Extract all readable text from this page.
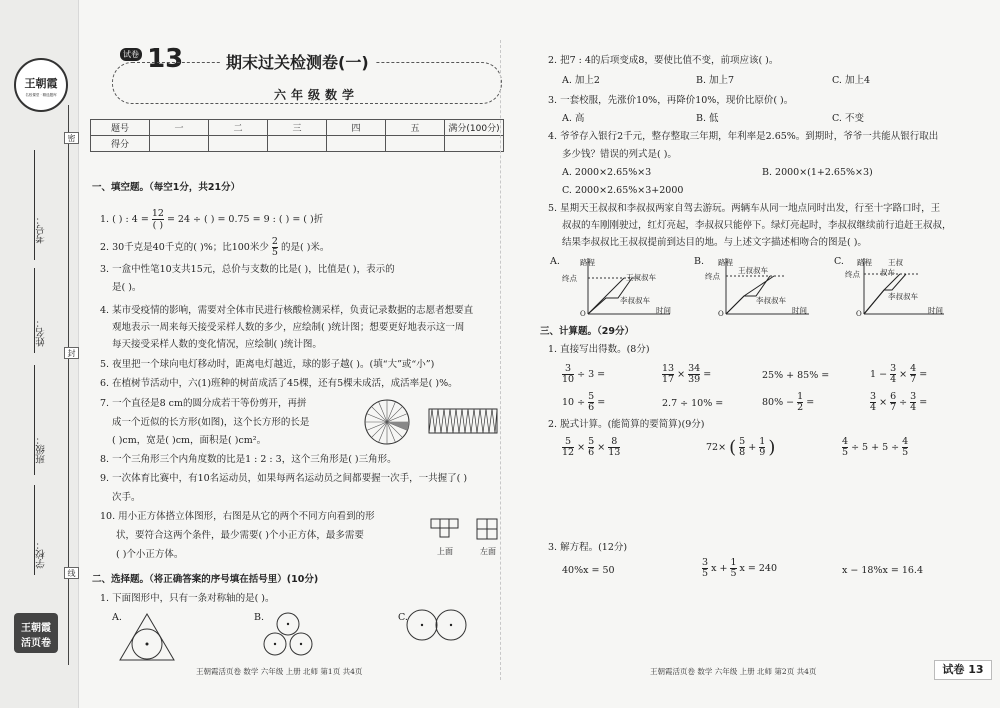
王朝霞
名校课堂 · 精选题库
密
封
线
考号：
姓名：
班级：
学校：
王朝霞
活页卷
试卷 13	期末过关检测卷(一)
六年级数学
题号	一	二	三	四	五	满分(100分)
得分						
一、填空题。（每空1分，共21分）
1. ( ) : 4 =
12
( )
= 24 ÷ ( ) = 0.75 = 9 : ( ) = ( )折
2. 30千克是40千克的( )%；比100米少 $\frac{2}{5}$ 的是( )米。
3. 一盒中性笔10支共15元，总价与支数的比是( )，比值是( )，表示的
是( )。
4. 某市受疫情的影响，需要对全体市民进行核酸检测采样，负责记录数据的志愿者想要直
观地表示一周来每天接受采样人数的多少，应绘制( )统计图；想要更好地表示这一周
每天接受采样人数的变化情况，应绘制( )统计图。
5. 夜里把一个球向电灯移动时，距离电灯越近，球的影子越( )。(填“大”或“小”)
6. 在植树节活动中，六(1)班种的树苗成活了45棵，还有5棵未成活，成活率是( )%。
7. 一个直径是8 cm的圆分成若干等份剪开，再拼
成一个近似的长方形(如图)，这个长方形的长是
( )cm，宽是( )cm，面积是( )cm²。
8. 一个三角形三个内角度数的比是1 : 2 : 3，这个三角形是( )三角形。
9. 一次体育比赛中，有10名运动员，如果每两名运动员之间都要握一次手，一共握了( )
次手。
10. 用小正方体搭立体图形，右图是从它的两个不同方向看到的形
状，要符合这两个条件，最少需要( )个小正方体，最多需要
( )个小正方体。	上面	左面
二、选择题。（将正确答案的序号填在括号里）(10分)
1. 下面图形中，只有一条对称轴的是( )。
A.	B.	C.
王朝霞活页卷 数学 六年级 上册 北师 第1页 共4页
2. 把7 : 4的后项变成8，要使比值不变，前项应该( )。
A. 加上2	B. 加上7	C. 加上4
3. 一套校服，先涨价10%，再降价10%，现价比原价( )。
A. 高	B. 低	C. 不变
4. 爷爷存入银行2千元，整存整取三年期，年利率是2.65%。到期时，爷爷一共能从银行取出
多少钱？错误的列式是( )。
A. 2000×2.65%×3	B. 2000×(1+2.65%×3)
C. 2000×2.65%×3+2000
5. 星期天王叔叔和李叔叔两家自驾去游玩。两辆车从同一地点同时出发，行至十字路口时，王
叔叔的车刚刚驶过，红灯亮起，李叔叔只能停下。绿灯亮起时，李叔叔继续前行追赶王叔叔，
结果李叔叔比王叔叔提前到达目的地。与上述文字描述相吻合的图是( )。
A.	B.	C.
路程
终点	王叔叔车
李叔叔车
时间
O
路程
终点
王叔叔车
李叔叔车
时间
O
路程
终点
王叔
叔车
李叔叔车
时间
O
三、计算题。（29分）
1. 直接写出得数。(8分)
$\frac{3}{10} \div 3$ =	$\frac{13}{17} \times \frac{34}{39}$ =	25% + 85% =	$1 - \frac{3}{4} \times \frac{4}{7}$ =
$10 \div \frac{5}{6}$ =	2.7 ÷ 10% =	$80\% - \frac{1}{2}$ =	$\frac{3}{4} \times \frac{6}{7} \div \frac{3}{4}$ =
2. 脱式计算。(能简算的要简算)(9分)
$\frac{5}{12} \times \frac{5}{6} \times \frac{8}{13}$	72× ( $\frac{5}{8} + \frac{1}{9}$ )	$\frac{4}{5} \div 5 + 5 \div \frac{4}{5}$
3. 解方程。(12分)
40%x = 50	$\frac{3}{5}$ $x + \frac{1}{5}$ x = 240	x − 18%x = 16.4
王朝霞活页卷 数学 六年级 上册 北师 第2页 共4页	试卷 13
